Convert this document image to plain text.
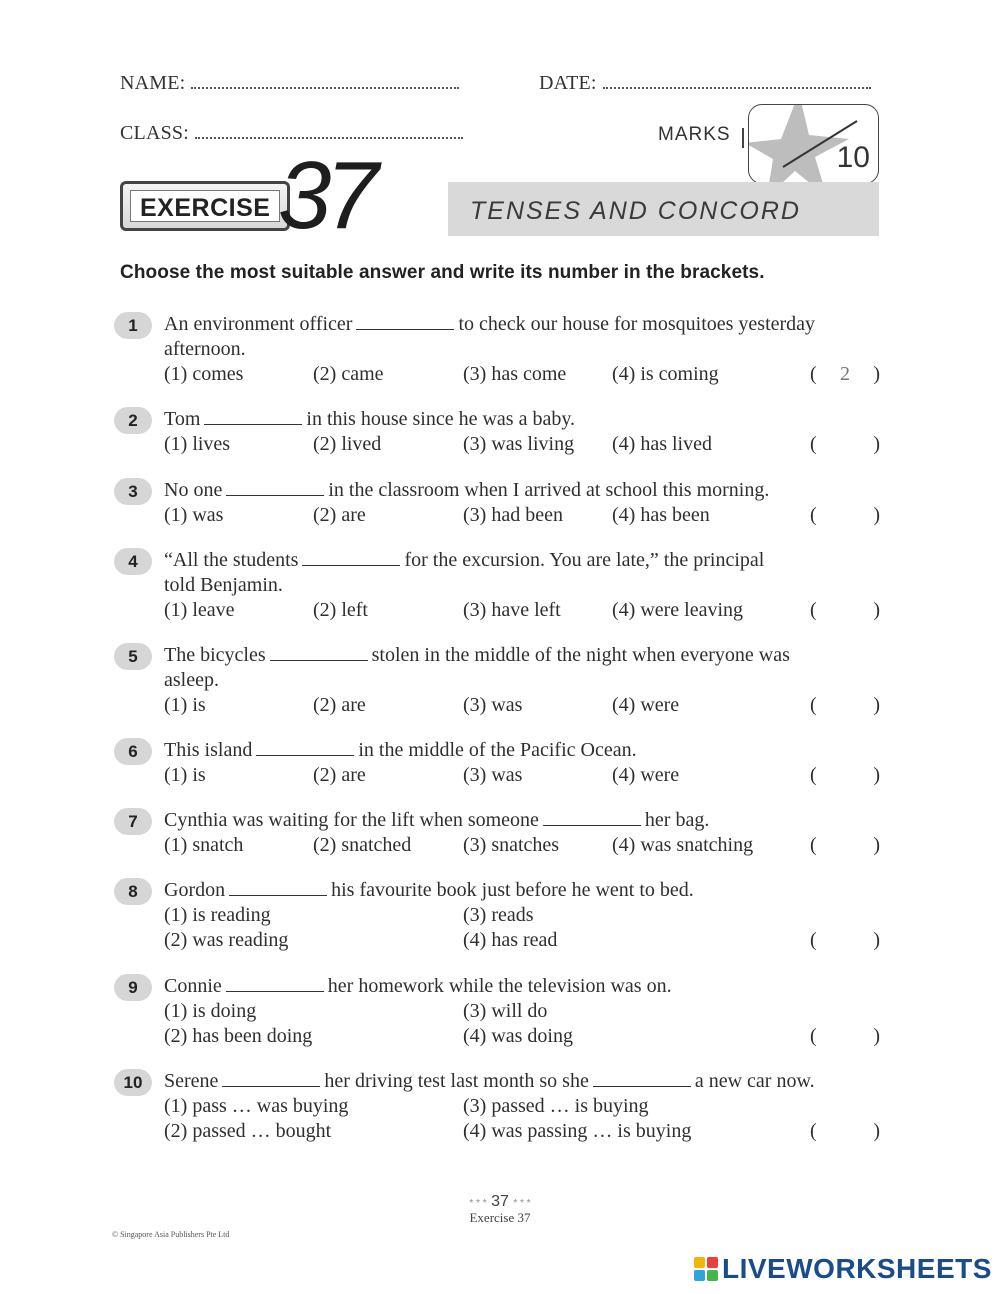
NAME:	DATE:
CLASS:	MARKS
10
EXERCISE 37	TENSES AND CONCORD
Choose the most suitable answer and write its number in the brackets.
1	An environment officer	to check our house for mosquitoes yesterday
afternoon.
(1) comes	(2) came	(3) has come (4) is coming	( 2 )
2	Tom	in this house since he was a baby.
(1) lives	(2) lived	(3) was living (4) has lived	(	)
3	No one	in the classroom when I arrived at school this morning.
(1) was	(2) are	(3) had been (4) has been	(	)
4	“All the students	for the excursion. You are late,” the principal
told Benjamin.
(1) leave	(2) left	(3) have left	(4) were leaving	(	)
5	The bicycles	stolen in the middle of the night when everyone was
asleep.
(1) is	(2) are	(3) was	(4) were	(	)
6	This island	in the middle of the Pacific Ocean.
(1) is	(2) are	(3) was	(4) were	(	)
7	Cynthia was waiting for the lift when someone	her bag.
(1) snatch	(2) snatched	(3) snatches	(4) was snatching	(	)
8	Gordon	his favourite book just before he went to bed.
(1) is reading	(3) reads
(2) was reading	(4) has read	(	)
9	Connie	her homework while the television was on.
(1) is doing	(3) will do
(2) has been doing	(4) was doing	(	)
10	Serene	her driving test last month so she	a new car now.
(1) pass … was buying	(3) passed … is buying
(2) passed … bought	(4) was passing … is buying	(	)
* * * 37 * * *
Exercise 37
© Singapore Asia Publishers Pte Ltd
LIVEWORKSHEETS
